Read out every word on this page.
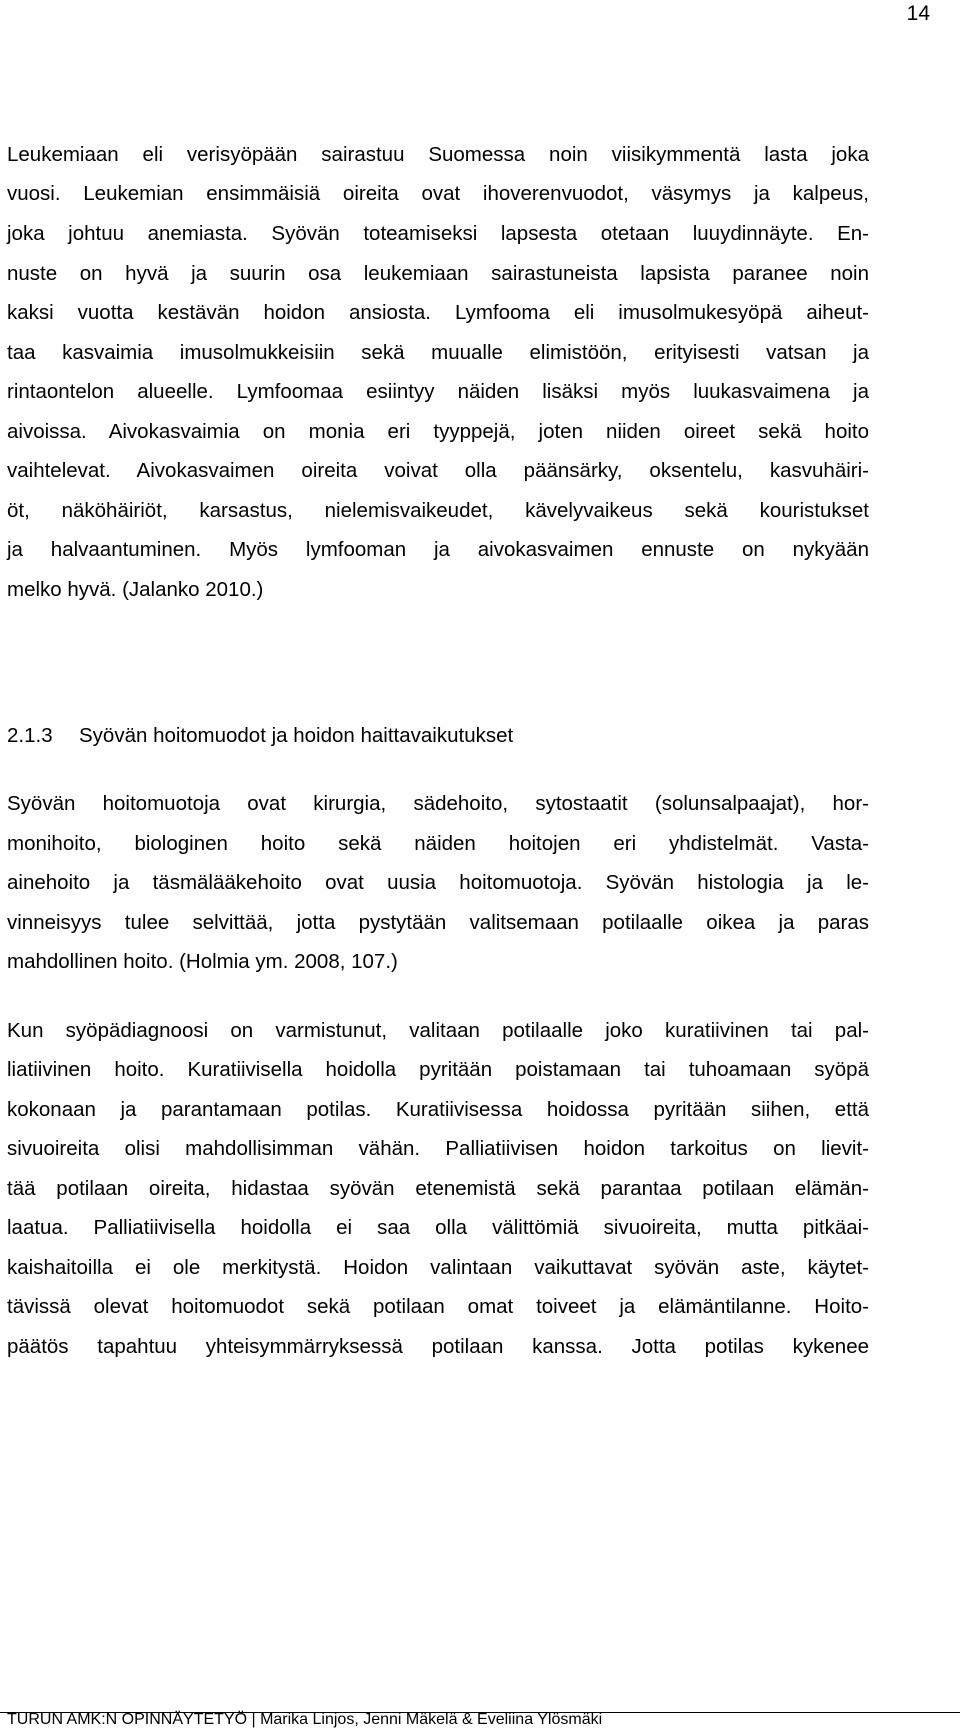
14
Leukemiaan eli verisyöpään sairastuu Suomessa noin viisikymmentä lasta joka
vuosi. Leukemian ensimmäisiä oireita ovat ihoverenvuodot, väsymys ja kalpeus,
joka johtuu anemiasta. Syövän toteamiseksi lapsesta otetaan luuydinnäyte. En-
nuste on hyvä ja suurin osa leukemiaan sairastuneista lapsista paranee noin
kaksi vuotta kestävän hoidon ansiosta. Lymfooma eli imusolmukesyöpä aiheut-
taa kasvaimia imusolmukkeisiin sekä muualle elimistöön, erityisesti vatsan ja
rintaontelon alueelle. Lymfoomaa esiintyy näiden lisäksi myös luukasvaimena ja
aivoissa. Aivokasvaimia on monia eri tyyppejä, joten niiden oireet sekä hoito
vaihtelevat. Aivokasvaimen oireita voivat olla päänsärky, oksentelu, kasvuhäiri-
öt, näköhäiriöt, karsastus, nielemisvaikeudet, kävelyvaikeus sekä kouristukset
ja halvaantuminen. Myös lymfooman ja aivokasvaimen ennuste on nykyään
melko hyvä. (Jalanko 2010.)
2.1.3 Syövän hoitomuodot ja hoidon haittavaikutukset
Syövän hoitomuotoja ovat kirurgia, sädehoito, sytostaatit (solunsalpaajat), hor-
monihoito, biologinen hoito sekä näiden hoitojen eri yhdistelmät. Vasta-
ainehoito ja täsmälääkehoito ovat uusia hoitomuotoja. Syövän histologia ja le-
vinneisyys tulee selvittää, jotta pystytään valitsemaan potilaalle oikea ja paras
mahdollinen hoito. (Holmia ym. 2008, 107.)
Kun syöpädiagnoosi on varmistunut, valitaan potilaalle joko kuratiivinen tai pal-
liatiivinen hoito. Kuratiivisella hoidolla pyritään poistamaan tai tuhoamaan syöpä
kokonaan ja parantamaan potilas. Kuratiivisessa hoidossa pyritään siihen, että
sivuoireita olisi mahdollisimman vähän. Palliatiivisen hoidon tarkoitus on lievit-
tää potilaan oireita, hidastaa syövän etenemistä sekä parantaa potilaan elämän-
laatua. Palliatiivisella hoidolla ei saa olla välittömiä sivuoireita, mutta pitkäai-
kaishaitoilla ei ole merkitystä. Hoidon valintaan vaikuttavat syövän aste, käytet-
tävissä olevat hoitomuodot sekä potilaan omat toiveet ja elämäntilanne. Hoito-
päätös tapahtuu yhteisymmärryksessä potilaan kanssa. Jotta potilas kykenee
TURUN AMK:N OPINNÄYTETYÖ | Marika Linjos, Jenni Mäkelä & Eveliina Ylösmäki
